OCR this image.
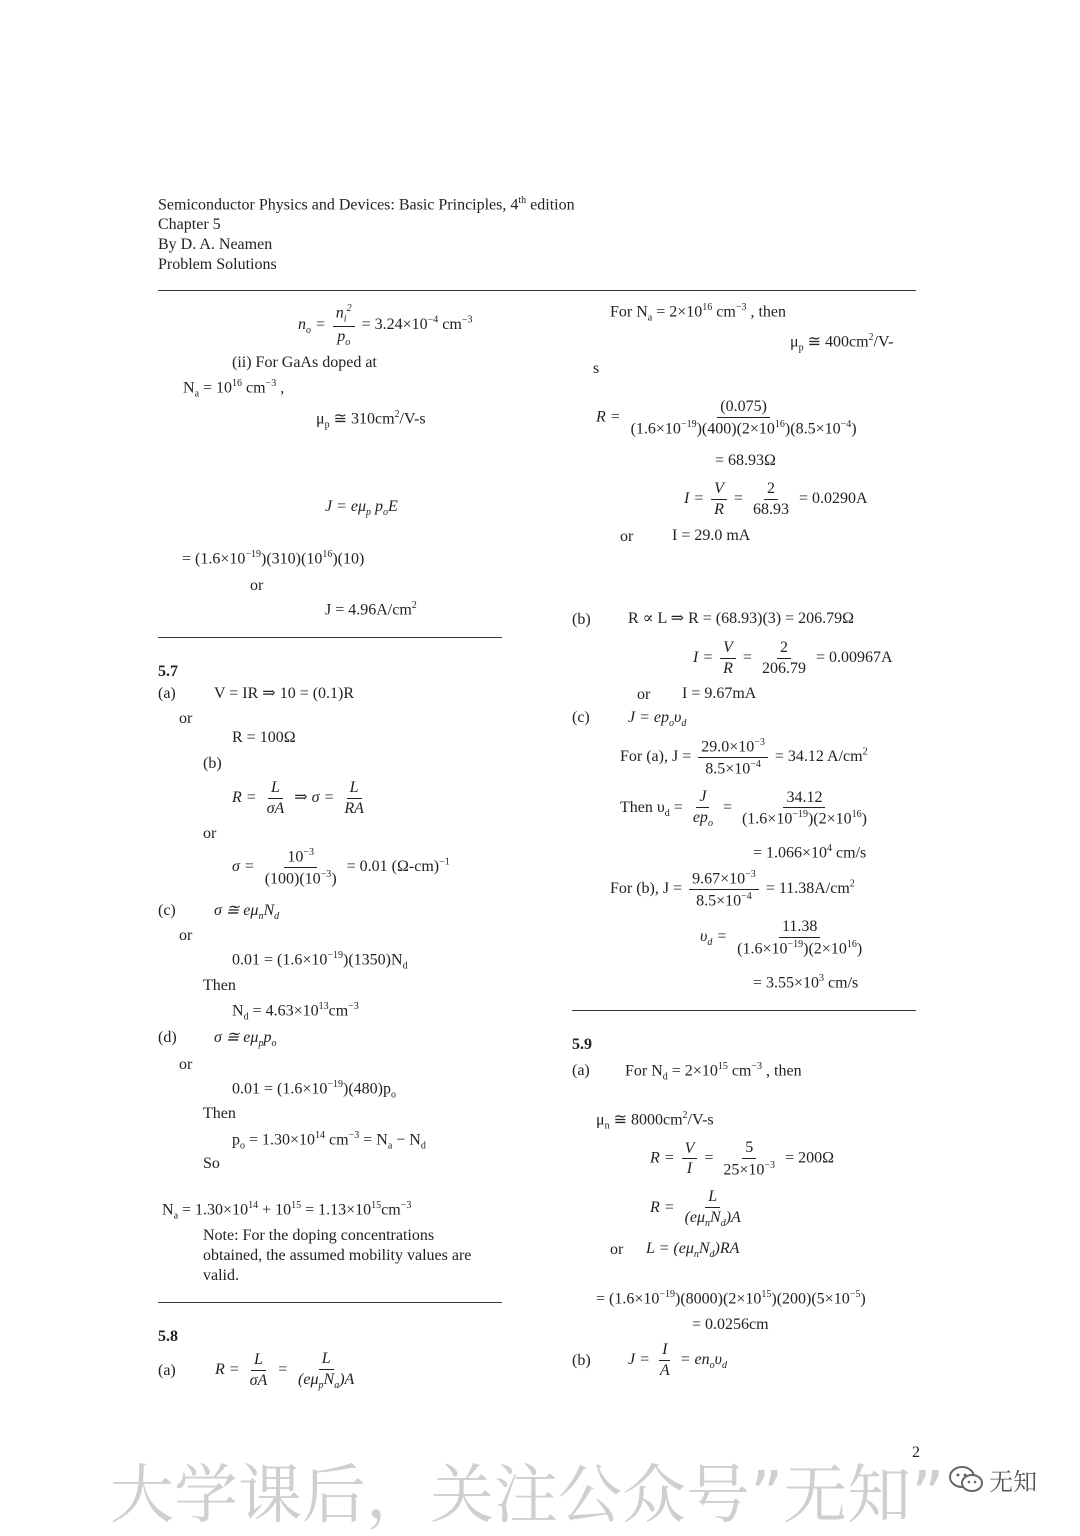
Semiconductor Physics and Devices: Basic Principles, 4th edition
Chapter 5
By D. A. Neamen
Problem Solutions
$n_o = \frac{n_i^2}{p_o} = 3.24\times 10^{-4}$ $cm^{-3}$
(ii) For GaAs doped at
$N_a = 10^{16}$ $cm^{-3}$ ,
$\mu_p$ ≅ $310cm^2/V-s$
$J = e\mu_p$ $p_oE$
= $(1.6\times 10^{-19})(310)(10^{16})(10)$
or
$J = 4.96A/cm^2$
5.7
(a) V = IR ⇒ 10 = (0.1)R
or
R = 100Ω
(b)
$R = \frac{L}{\sigma A}$ ⇒ $\sigma = \frac{L}{RA}$
or
$\sigma = \frac{10^{-3}}{(100)(10^{-3})} = 0.01$ $(\Omega-cm)^{-1}$
(c) σ ≅ $e\mu_nN_d$
or
$0.01 = (1.6\times 10^{-19})(1350)N_d$
Then
$N_d = 4.63\times 10^{13}cm^{-3}$
(d) σ ≅ $e\mu_pp_o$
or
$0.01 = (1.6\times 10^{-19})(480)p_o$
Then
$p_o = 1.30\times 10^{14}$ $cm^{-3} = N_a - N_d$
So
$N_a = 1.30\times 10^{14} + 10^{15} = 1.13\times 10^{15}cm^{-3}$
Note: For the doping concentrations
obtained, the assumed mobility values are
valid.
5.8
(a) $R = \frac{L}{\sigma A} = \frac{L}{(e\mu_pN_a)A}$
For $N_a = 2\times 10^{16}$ $cm^{-3}$ , then
$\mu_p$ ≅ $400cm^2/V-$
s
$R = \frac{(0.075)}{(1.6\times 10^{-19})(400)(2\times 10^{16})(8.5\times 10^{-4})}$
= 68.93Ω
$I = \frac{V}{R} = \frac{2}{68.93} = 0.0290A$
or I = 29.0 mA
(b) R ∝ L ⇒ R = (68.93)(3) = 206.79Ω
$I = \frac{V}{R} = \frac{2}{206.79} = 0.00967A$
or I = 9.67mA
(c) $J = ep_o\upsilon_d$
For (a), $J = \frac{29.0\times 10^{-3}}{8.5\times 10^{-4}} = 34.12$ $A/cm^2$
Then $\upsilon_d = \frac{J}{ep_o} = \frac{34.12}{(1.6\times 10^{-19})(2\times 10^{16})}$
= $1.066\times 10^4$ cm/s
For (b), $J = \frac{9.67\times 10^{-3}}{8.5\times 10^{-4}} = 11.38A/cm^2$
$\upsilon_d = \frac{11.38}{(1.6\times 10^{-19})(2\times 10^{16})}$
= $3.55\times 10^3$ cm/s
5.9
(a) For $N_d = 2\times 10^{15}$ $cm^{-3}$ , then
$\mu_n$ ≅ $8000cm^2/V-s$
$R = \frac{V}{I} = \frac{5}{25\times 10^{-3}} = 200\Omega$
$R = \frac{L}{(e\mu_nN_d)A}$
or $L = (e\mu_nN_d)RA$
= $(1.6\times 10^{-19})(8000)(2\times 10^{15})(200)(5\times 10^{-5})$
= 0.0256cm
(b) $J = \frac{I}{A} = en_o\upsilon_d$
2
大学课后，关注公众号”无知”	无知
